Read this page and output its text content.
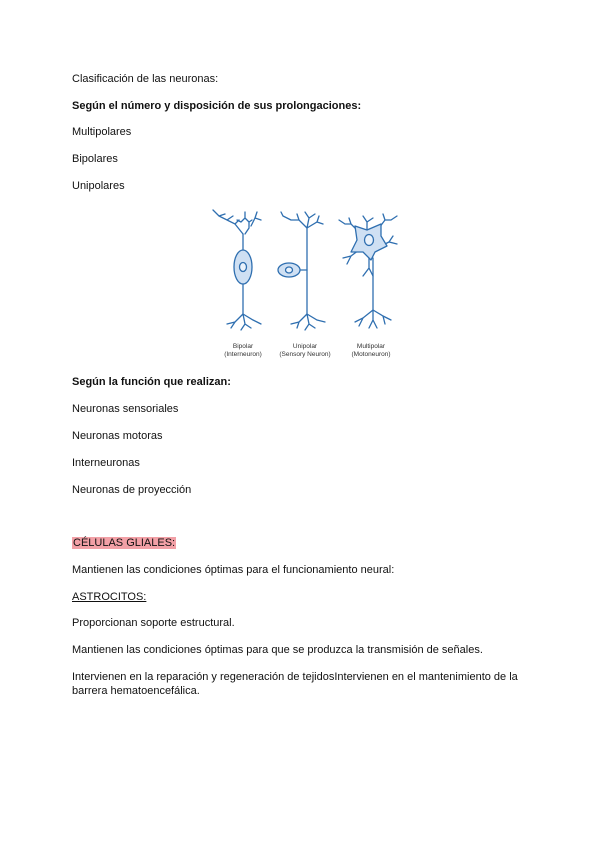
Clasificación de las neuronas:
Según el número y disposición de sus prolongaciones:
Multipolares
Bipolares
Unipolares
Bipolar
(Interneuron)
Unipolar
(Sensory Neuron)
Multipolar
(Motoneuron)
Según la función que realizan:
Neuronas sensoriales
Neuronas motoras
Interneuronas
Neuronas de proyección
CÉLULAS GLIALES:
Mantienen las condiciones óptimas para el funcionamiento neural:
ASTROCITOS:
Proporcionan soporte estructural.
Mantienen las condiciones óptimas para que se produzca la transmisión de señales.
Intervienen en la reparación y regeneración de tejidosIntervienen en el mantenimiento de la barrera hematoencefálica.
